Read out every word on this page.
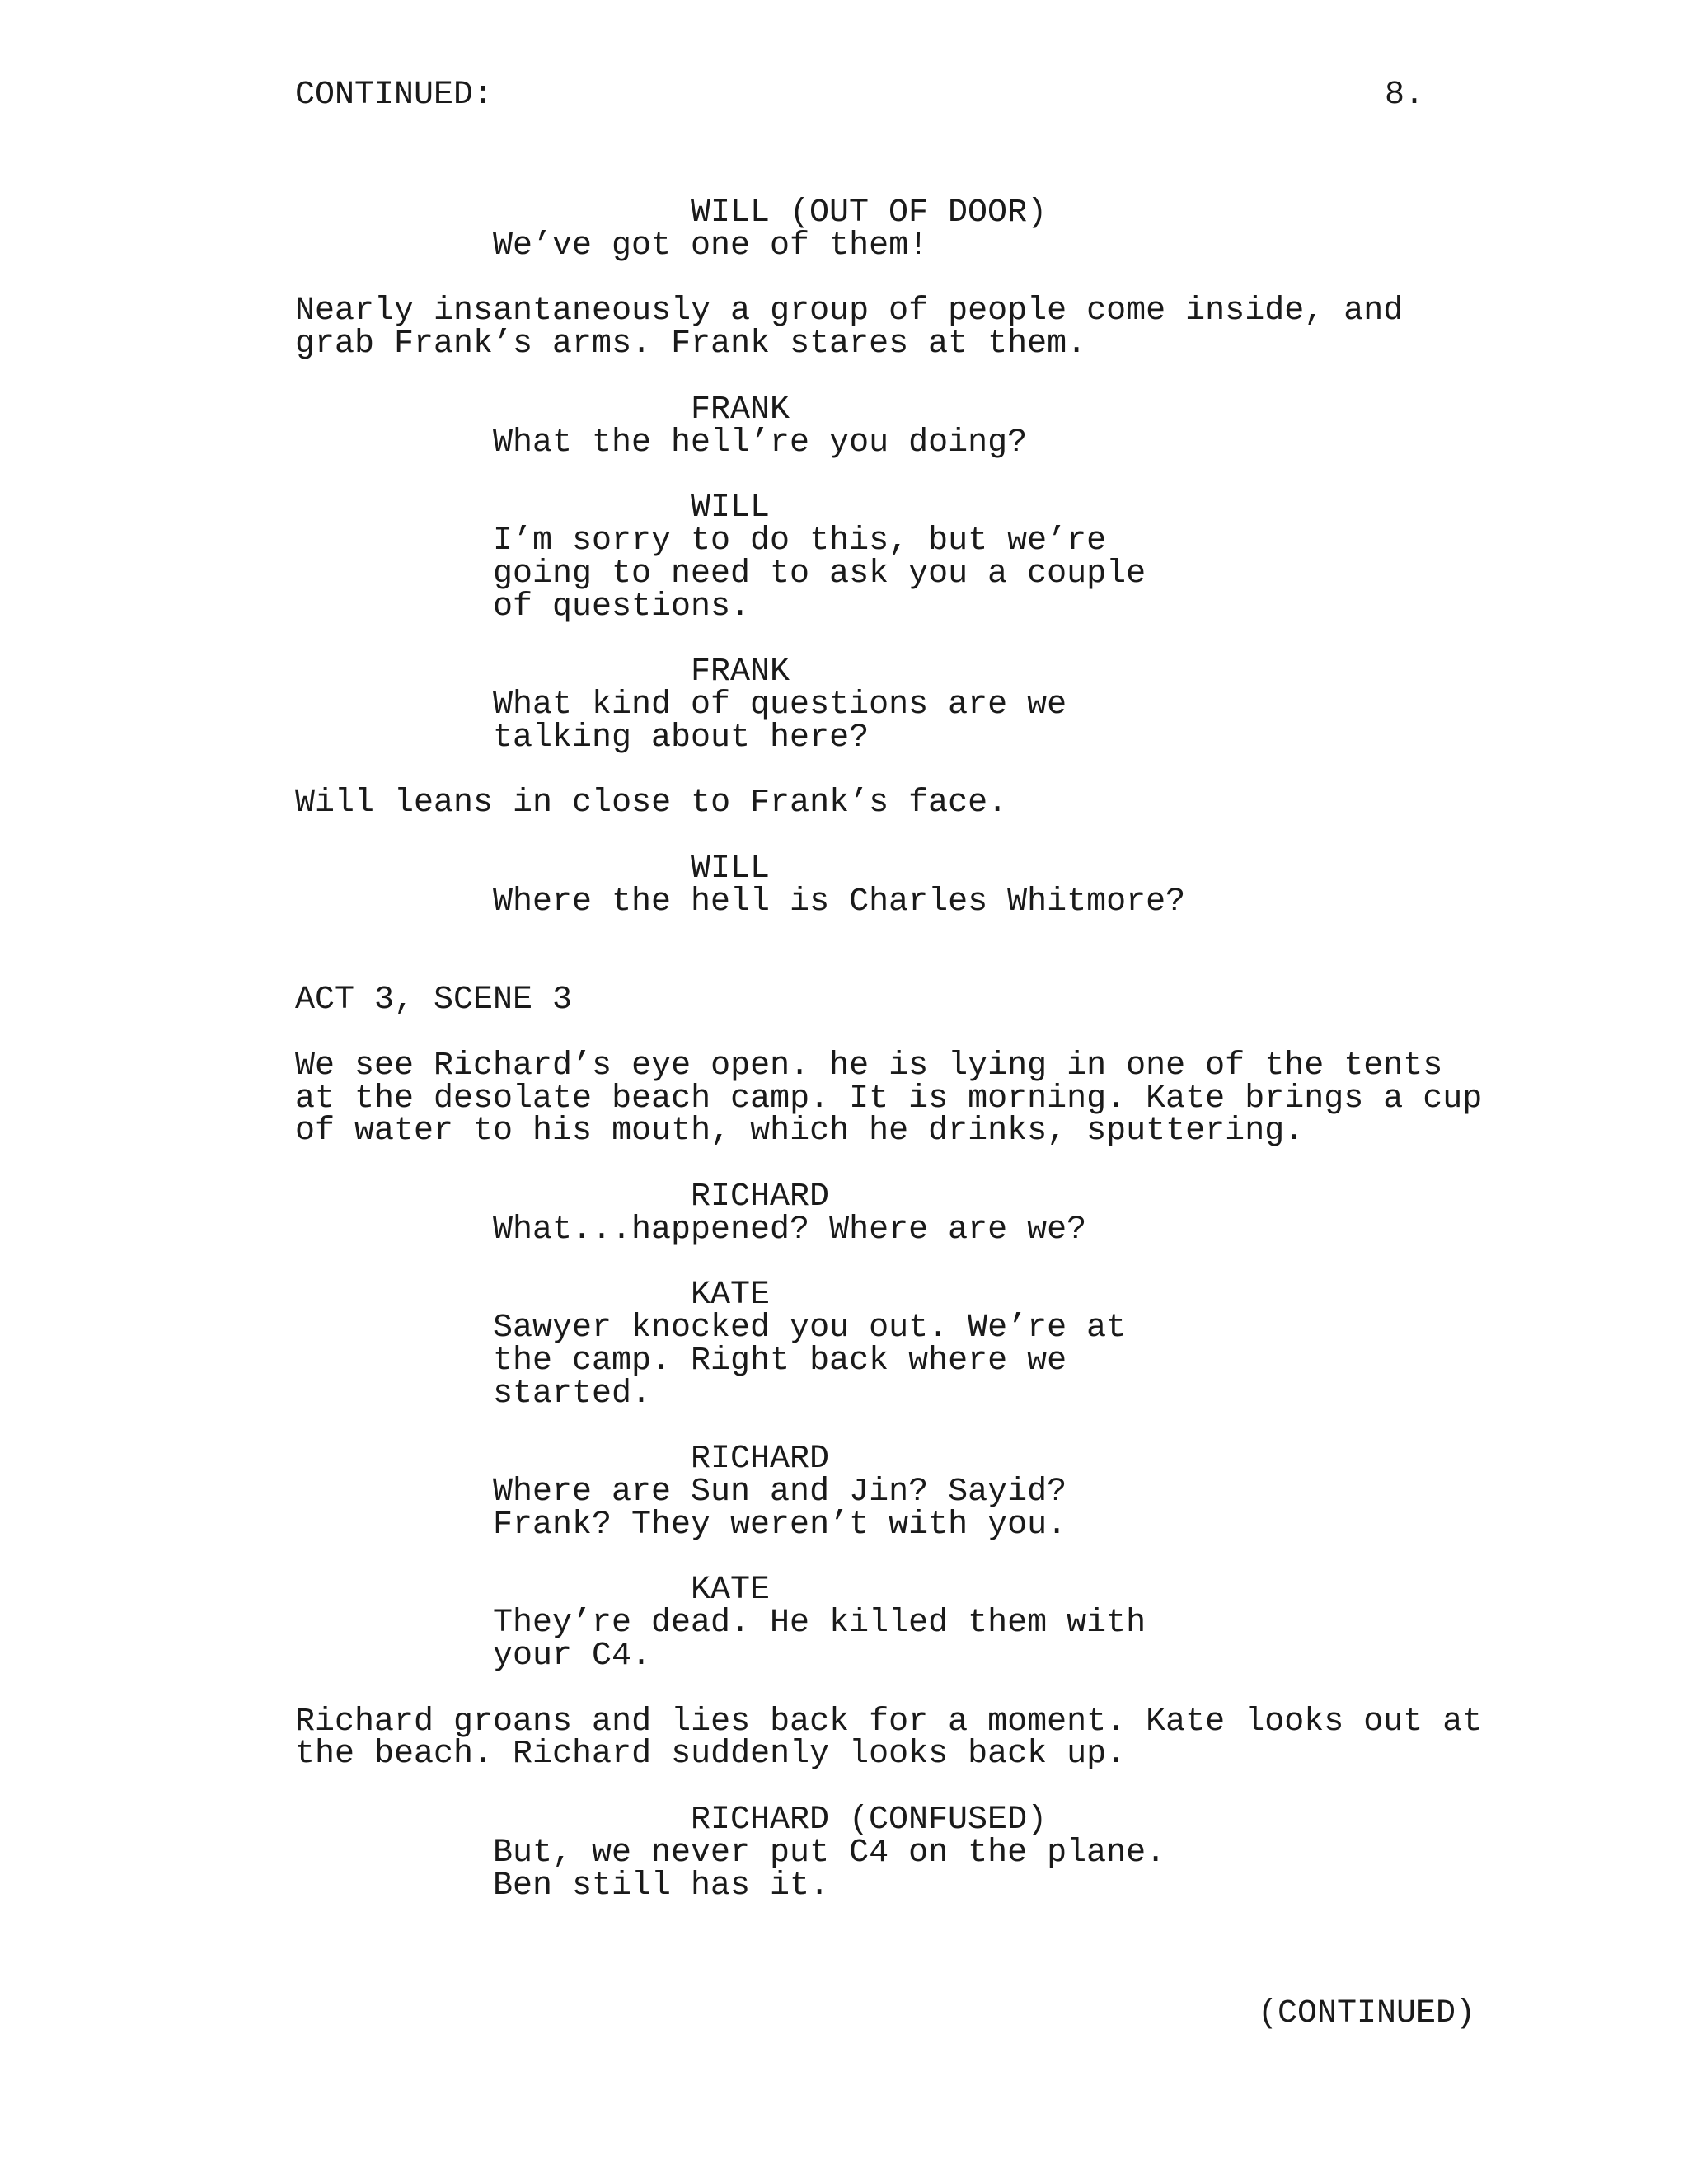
CONTINUED:	8.
WILL (OUT OF DOOR)
We’ve got one of them!
Nearly insantaneously a group of people come inside, and
grab Frank’s arms. Frank stares at them.
FRANK
What the hell’re you doing?
WILL
I’m sorry to do this, but we’re
going to need to ask you a couple
of questions.
FRANK
What kind of questions are we
talking about here?
Will leans in close to Frank’s face.
WILL
Where the hell is Charles Whitmore?
ACT 3, SCENE 3
We see Richard’s eye open. he is lying in one of the tents
at the desolate beach camp. It is morning. Kate brings a cup
of water to his mouth, which he drinks, sputtering.
RICHARD
What...happened? Where are we?
KATE
Sawyer knocked you out. We’re at
the camp. Right back where we
started.
RICHARD
Where are Sun and Jin? Sayid?
Frank? They weren’t with you.
KATE
They’re dead. He killed them with
your C4.
Richard groans and lies back for a moment. Kate looks out at
the beach. Richard suddenly looks back up.
RICHARD (CONFUSED)
But, we never put C4 on the plane.
Ben still has it.
(CONTINUED)
